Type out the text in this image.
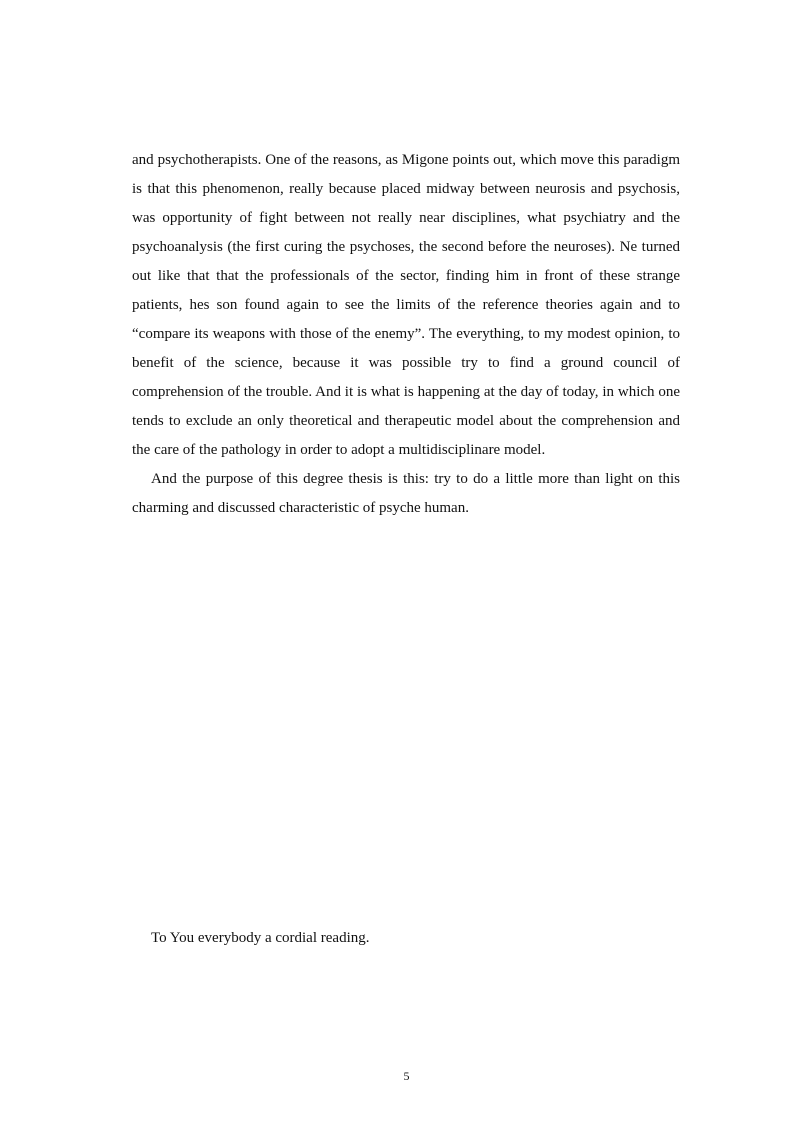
and psychotherapists. One of the reasons, as Migone points out, which move this paradigm is that this phenomenon, really because placed midway between neurosis and psychosis, was opportunity of fight between not really near disciplines, what psychiatry and the psychoanalysis (the first curing the psychoses, the second before the neuroses). Ne turned out like that that the professionals of the sector, finding him in front of these strange patients, hes son found again to see the limits of the reference theories again and to “compare its weapons with those of the enemy”. The everything, to my modest opinion, to benefit of the science, because it was possible try to find a ground council of comprehension of the trouble. And it is what is happening at the day of today, in which one tends to exclude an only theoretical and therapeutic model about the comprehension and the care of the pathology in order to adopt a multidisciplinare model.

And the purpose of this degree thesis is this: try to do a little more than light on this charming and discussed characteristic of psyche human.

To You everybody a cordial reading.

5
